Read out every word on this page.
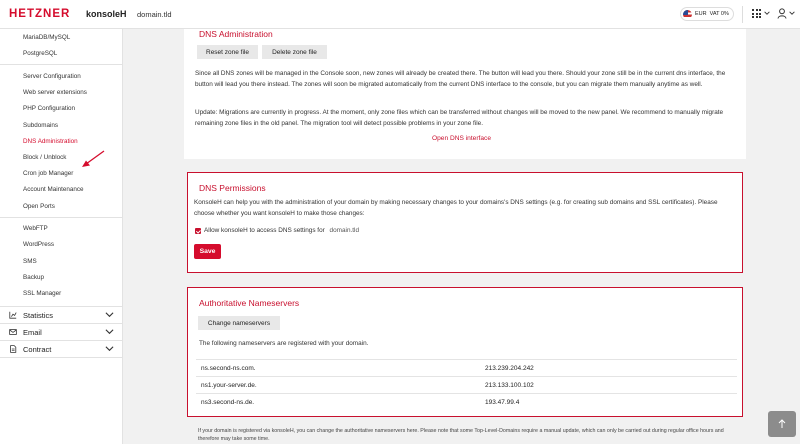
HETZNER konsoleH domain.tld	EUR VAT 0%
MariaDB/MySQL
PostgreSQL
Server Configuration
Web server extensions
PHP Configuration
Subdomains
DNS Administration
Block / Unblock
Cron job Manager
Account Maintenance
Open Ports
WebFTP
WordPress
SMS
Backup
SSL Manager
Statistics
Email
Contract
DNS Administration
Reset zone file	Delete zone file
Since all DNS zones will be managed in the Console soon, new zones will already be created there. The button will lead you there. Should your zone still be in the current dns interface, the button will lead you there instead. The zones will soon be migrated automatically from the current DNS interface to the console, but you can migrate them manually anytime as well.
Update: Migrations are currently in progress. At the moment, only zone files which can be transferred without changes will be moved to the new panel. We recommend to manually migrate remaining zone files in the old panel. The migration tool will detect possible problems in your zone file.
Open DNS interface
DNS Permissions
KonsoleH can help you with the administration of your domain by making necessary changes to your domains's DNS settings (e.g. for creating sub domains and SSL certificates). Please choose whether you want konsoleH to make those changes:
Allow konsoleH to access DNS settings for domain.tld
Save
Authoritative Nameservers
Change nameservers
The following nameservers are registered with your domain.
ns.second-ns.com.	213.239.204.242
ns1.your-server.de.	213.133.100.102
ns3.second-ns.de.	193.47.99.4
If your domain is registered via konsoleH, you can change the authoritative nameservers here. Please note that some Top-Level-Domains require a manual update, which can only be carried out during regular office hours and therefore may take some time.
